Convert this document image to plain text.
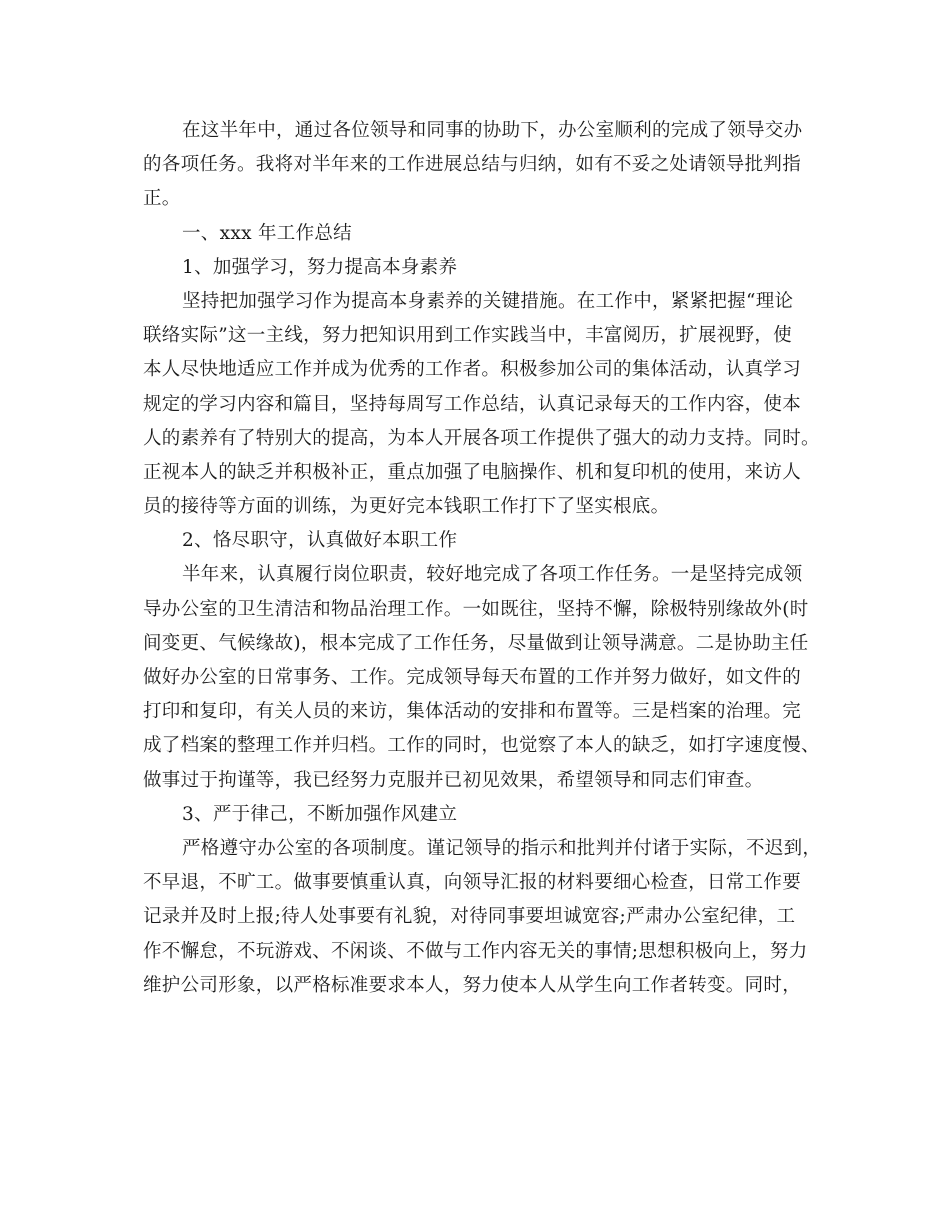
在这半年中，通过各位领导和同事的协助下，办公室顺利的完成了领导交办
的各项任务。我将对半年来的工作进展总结与归纳，如有不妥之处请领导批判指
正。
一、xxx 年工作总结
1、加强学习，努力提高本身素养
坚持把加强学习作为提高本身素养的关键措施。在工作中，紧紧把握“理论
联络实际”这一主线，努力把知识用到工作实践当中，丰富阅历，扩展视野，使
本人尽快地适应工作并成为优秀的工作者。积极参加公司的集体活动，认真学习
规定的学习内容和篇目，坚持每周写工作总结，认真记录每天的工作内容，使本
人的素养有了特别大的提高，为本人开展各项工作提供了强大的动力支持。同时。
正视本人的缺乏并积极补正，重点加强了电脑操作、机和复印机的使用，来访人
员的接待等方面的训练，为更好完本钱职工作打下了坚实根底。
2、恪尽职守，认真做好本职工作
半年来，认真履行岗位职责，较好地完成了各项工作任务。一是坚持完成领
导办公室的卫生清洁和物品治理工作。一如既往，坚持不懈，除极特别缘故外(时
间变更、气候缘故)，根本完成了工作任务，尽量做到让领导满意。二是协助主任
做好办公室的日常事务、工作。完成领导每天布置的工作并努力做好，如文件的
打印和复印，有关人员的来访，集体活动的安排和布置等。三是档案的治理。完
成了档案的整理工作并归档。工作的同时，也觉察了本人的缺乏，如打字速度慢、
做事过于拘谨等，我已经努力克服并已初见效果，希望领导和同志们审查。
3、严于律己，不断加强作风建立
严格遵守办公室的各项制度。谨记领导的指示和批判并付诸于实际，不迟到，
不早退，不旷工。做事要慎重认真，向领导汇报的材料要细心检查，日常工作要
记录并及时上报;待人处事要有礼貌，对待同事要坦诚宽容;严肃办公室纪律，工
作不懈怠，不玩游戏、不闲谈、不做与工作内容无关的事情;思想积极向上，努力
维护公司形象，以严格标准要求本人，努力使本人从学生向工作者转变。同时，
